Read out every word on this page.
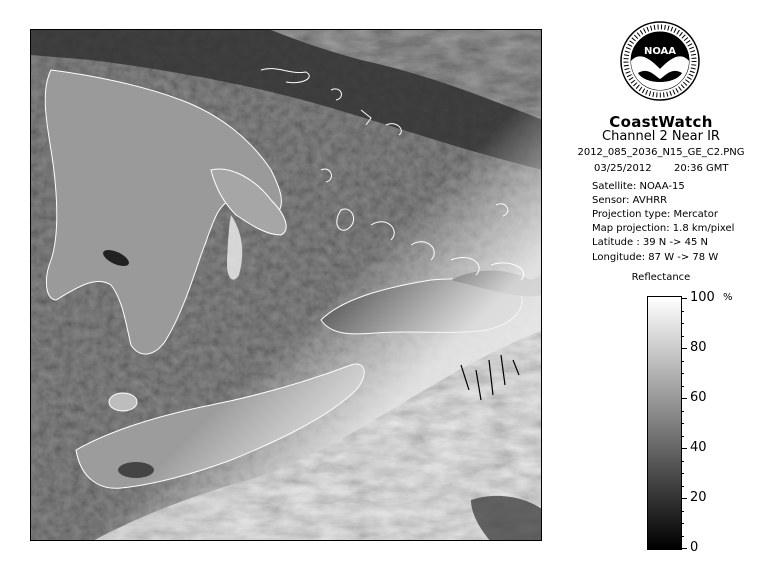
NOAA
CoastWatch
Channel 2 Near IR
2012_085_2036_N15_GE_C2.PNG
03/25/2012 20:36 GMT
Satellite: NOAA-15
Sensor: AVHRR
Projection type: Mercator
Map projection: 1.8 km/pixel
Latitude : 39 N -> 45 N
Longitude: 87 W -> 78 W
Reflectance
%
100
80
60
40
20
0
